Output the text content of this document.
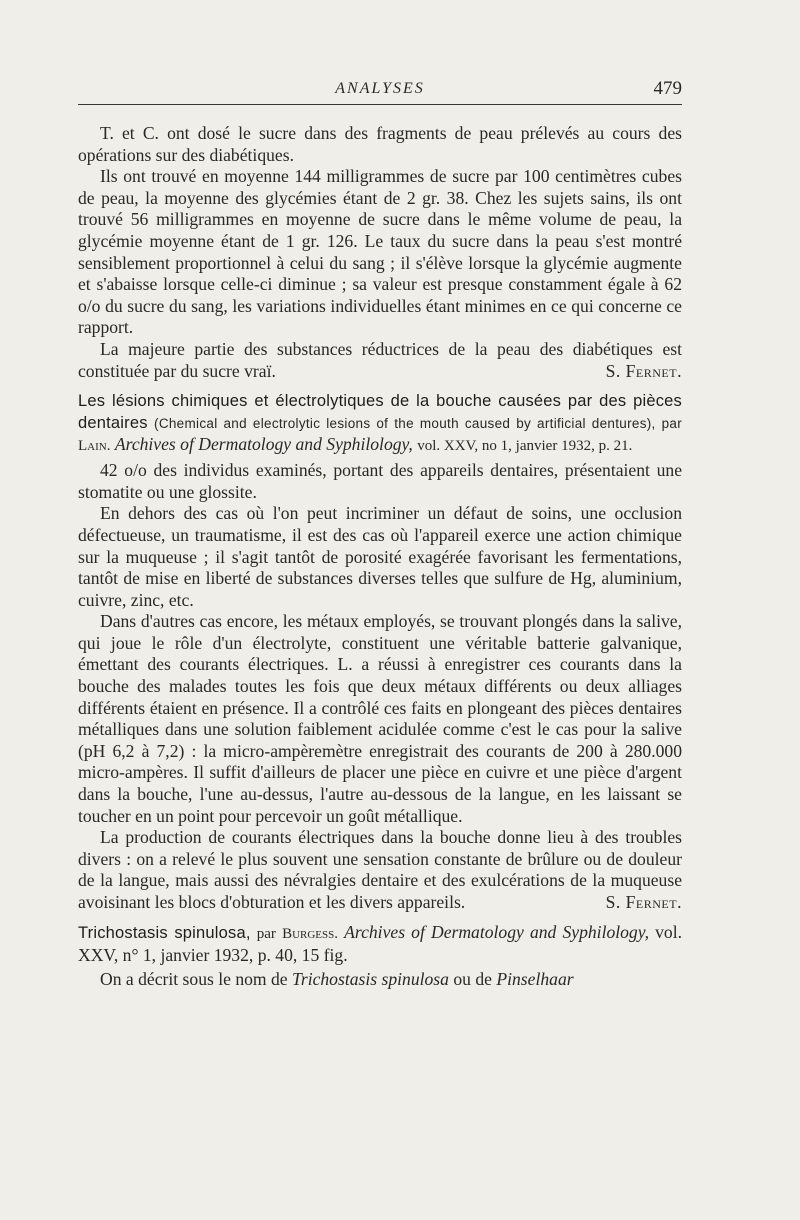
ANALYSES	479

T. et C. ont dosé le sucre dans des fragments de peau prélevés au cours des opérations sur des diabétiques.

Ils ont trouvé en moyenne 144 milligrammes de sucre par 100 centimètres cubes de peau, la moyenne des glycémies étant de 2 gr. 38. Chez les sujets sains, ils ont trouvé 56 milligrammes en moyenne de sucre dans le même volume de peau, la glycémie moyenne étant de 1 gr. 126. Le taux du sucre dans la peau s'est montré sensiblement proportionnel à celui du sang ; il s'élève lorsque la glycémie augmente et s'abaisse lorsque celle-ci diminue ; sa valeur est presque constamment égale à 62 o/o du sucre du sang, les variations individuelles étant minimes en ce qui concerne ce rapport.

La majeure partie des substances réductrices de la peau des diabétiques est constituée par du sucre vraï.	S. Fernet.

Les lésions chimiques et électrolytiques de la bouche causées par des pièces dentaires (Chemical and electrolytic lesions of the mouth caused by artificial dentures), par Lain. Archives of Dermatology and Syphilology, vol. XXV, no 1, janvier 1932, p. 21.

42 o/o des individus examinés, portant des appareils dentaires, présentaient une stomatite ou une glossite.

En dehors des cas où l'on peut incriminer un défaut de soins, une occlusion défectueuse, un traumatisme, il est des cas où l'appareil exerce une action chimique sur la muqueuse ; il s'agit tantôt de porosité exagérée favorisant les fermentations, tantôt de mise en liberté de substances diverses telles que sulfure de Hg, aluminium, cuivre, zinc, etc.

Dans d'autres cas encore, les métaux employés, se trouvant plongés dans la salive, qui joue le rôle d'un électrolyte, constituent une véritable batterie galvanique, émettant des courants électriques. L. a réussi à enregistrer ces courants dans la bouche des malades toutes les fois que deux métaux différents ou deux alliages différents étaient en présence. Il a contrôlé ces faits en plongeant des pièces dentaires métalliques dans une solution faiblement acidulée comme c'est le cas pour la salive (pH 6,2 à 7,2) : la micro-ampèremètre enregistrait des courants de 200 à 280.000 micro-ampères. Il suffit d'ailleurs de placer une pièce en cuivre et une pièce d'argent dans la bouche, l'une au-dessus, l'autre au-dessous de la langue, en les laissant se toucher en un point pour percevoir un goût métallique.

La production de courants électriques dans la bouche donne lieu à des troubles divers : on a relevé le plus souvent une sensation constante de brûlure ou de douleur de la langue, mais aussi des névralgies dentaire et des exulcérations de la muqueuse avoisinant les blocs d'obturation et les divers appareils.	S. Fernet.

Trichostasis spinulosa, par Burgess. Archives of Dermatology and Syphilology, vol. XXV, n° 1, janvier 1932, p. 40, 15 fig.

On a décrit sous le nom de Trichostasis spinulosa ou de Pinselhaar
